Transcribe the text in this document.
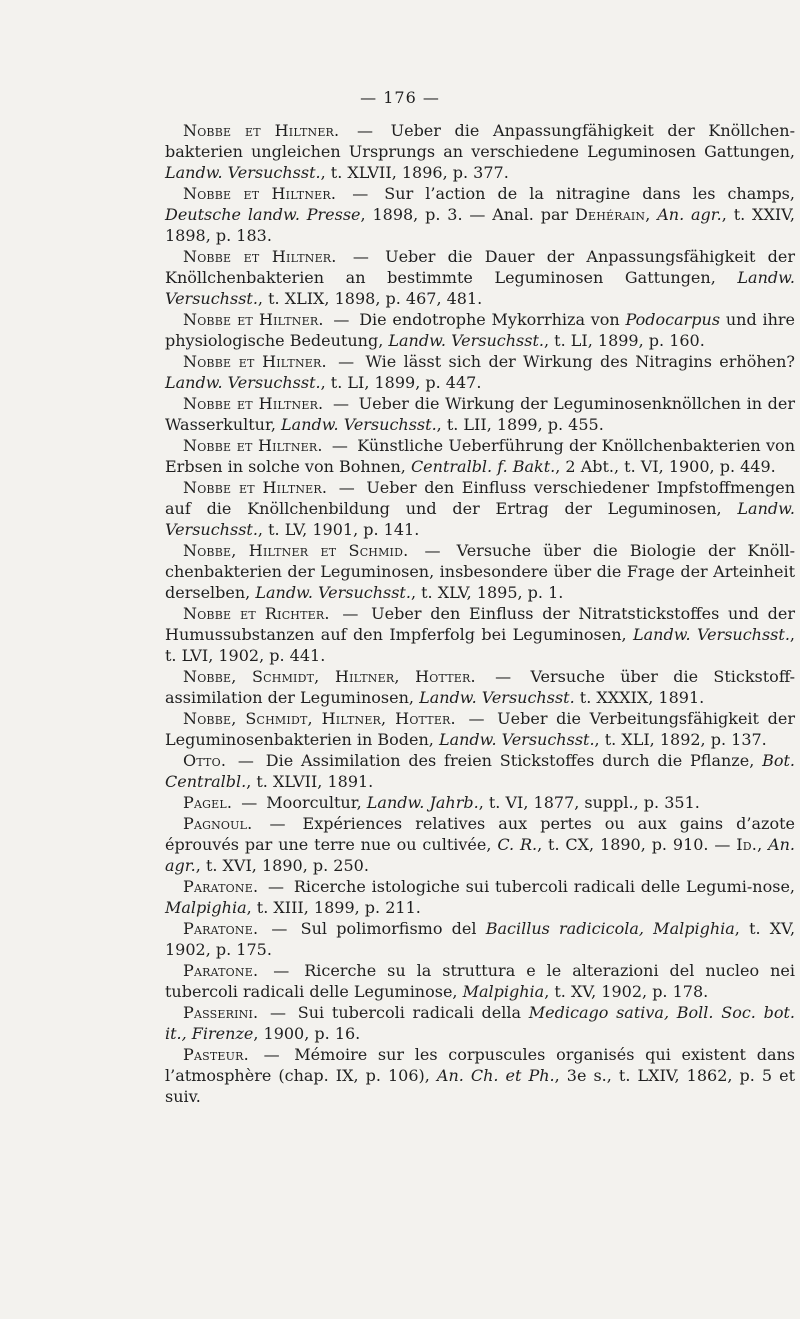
— 176 —

Nobbe et Hiltner. — Ueber die Anpassungfähigkeit der Knöllchen-bakterien ungleichen Ursprungs an verschiedene Leguminosen Gattungen, Landw. Versuchsst., t. XLVII, 1896, p. 377.

Nobbe et Hiltner. — Sur l’action de la nitragine dans les champs, Deutsche landw. Presse, 1898, p. 3. — Anal. par Dehérain, An. agr., t. XXIV, 1898, p. 183.

Nobbe et Hiltner. — Ueber die Dauer der Anpassungsfähigkeit der Knöllchenbakterien an bestimmte Leguminosen Gattungen, Landw. Versuchsst., t. XLIX, 1898, p. 467, 481.

Nobbe et Hiltner. — Die endotrophe Mykorrhiza von Podocarpus und ihre physiologische Bedeutung, Landw. Versuchsst., t. LI, 1899, p. 160.

Nobbe et Hiltner. — Wie lässt sich der Wirkung des Nitragins erhöhen? Landw. Versuchsst., t. LI, 1899, p. 447.

Nobbe et Hiltner. — Ueber die Wirkung der Leguminosenknöllchen in der Wasserkultur, Landw. Versuchsst., t. LII, 1899, p. 455.

Nobbe et Hiltner. — Künstliche Ueberführung der Knöllchenbakterien von Erbsen in solche von Bohnen, Centralbl. f. Bakt., 2 Abt., t. VI, 1900, p. 449.

Nobbe et Hiltner. — Ueber den Einfluss verschiedener Impfstoffmengen auf die Knöllchenbildung und der Ertrag der Leguminosen, Landw. Versuchsst., t. LV, 1901, p. 141.

Nobbe, Hiltner et Schmid. — Versuche über die Biologie der Knöll-chenbakterien der Leguminosen, insbesondere über die Frage der Arteinheit derselben, Landw. Versuchsst., t. XLV, 1895, p. 1.

Nobbe et Richter. — Ueber den Einfluss der Nitratstickstoffes und der Humussubstanzen auf den Impferfolg bei Leguminosen, Landw. Versuchsst., t. LVI, 1902, p. 441.

Nobbe, Schmidt, Hiltner, Hotter. — Versuche über die Stickstoff-assimilation der Leguminosen, Landw. Versuchsst. t. XXXIX, 1891.

Nobbe, Schmidt, Hiltner, Hotter. — Ueber die Verbeitungsfähigkeit der Leguminosenbakterien in Boden, Landw. Versuchsst., t. XLI, 1892, p. 137.

Otto. — Die Assimilation des freien Stickstoffes durch die Pflanze, Bot. Centralbl., t. XLVII, 1891.

Pagel. — Moorcultur, Landw. Jahrb., t. VI, 1877, suppl., p. 351.

Pagnoul. — Expériences relatives aux pertes ou aux gains d’azote éprouvés par une terre nue ou cultivée, C. R., t. CX, 1890, p. 910. — Id., An. agr., t. XVI, 1890, p. 250.

Paratone. — Ricerche istologiche sui tubercoli radicali delle Legumi-nose, Malpighia, t. XIII, 1899, p. 211.

Paratone. — Sul polimorfismo del Bacillus radicicola, Malpighia, t. XV, 1902, p. 175.

Paratone. — Ricerche su la struttura e le alterazioni del nucleo nei tubercoli radicali delle Leguminose, Malpighia, t. XV, 1902, p. 178.

Passerini. — Sui tubercoli radicali della Medicago sativa, Boll. Soc. bot. it., Firenze, 1900, p. 16.

Pasteur. — Mémoire sur les corpuscules organisés qui existent dans l’atmosphère (chap. IX, p. 106), An. Ch. et Ph., 3e s., t. LXIV, 1862, p. 5 et suiv.
